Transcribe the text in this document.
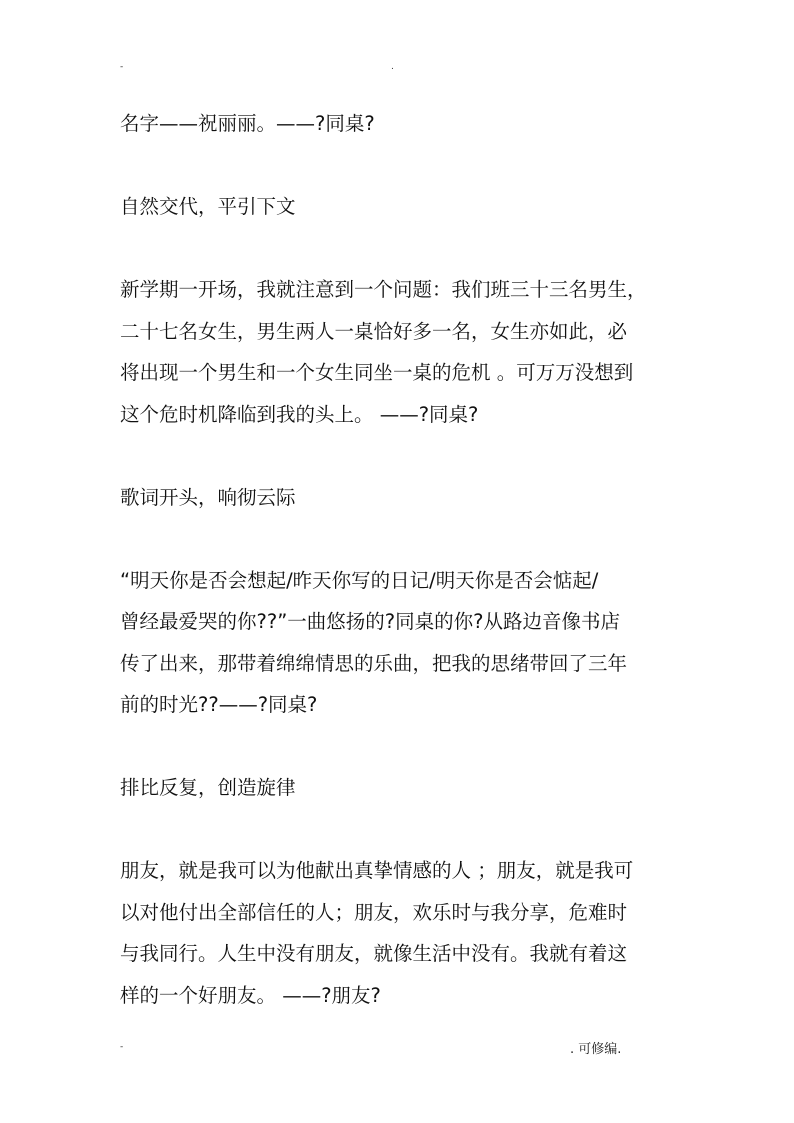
-	.

名字——祝丽丽。——?同桌?

自然交代，平引下文

新学期一开场，我就注意到一个问题：我们班三十三名男生，
二十七名女生，男生两人一桌恰好多一名，女生亦如此，必
将出现一个男生和一个女生同坐一桌的危机 。可万万没想到
这个危时机降临到我的头上。 ——?同桌?

歌词开头，响彻云际

“明天你是否会想起/昨天你写的日记/明天你是否会惦起/
曾经最爱哭的你??”一曲悠扬的?同桌的你?从路边音像书店
传了出来，那带着绵绵情思的乐曲，把我的思绪带回了三年
前的时光??——?同桌?

排比反复，创造旋律

朋友，就是我可以为他献出真挚情感的人 ；朋友，就是我可
以对他付出全部信任的人；朋友，欢乐时与我分享，危难时
与我同行。人生中没有朋友，就像生活中没有。我就有着这
样的一个好朋友。 ——?朋友?

-	. 可修编.
